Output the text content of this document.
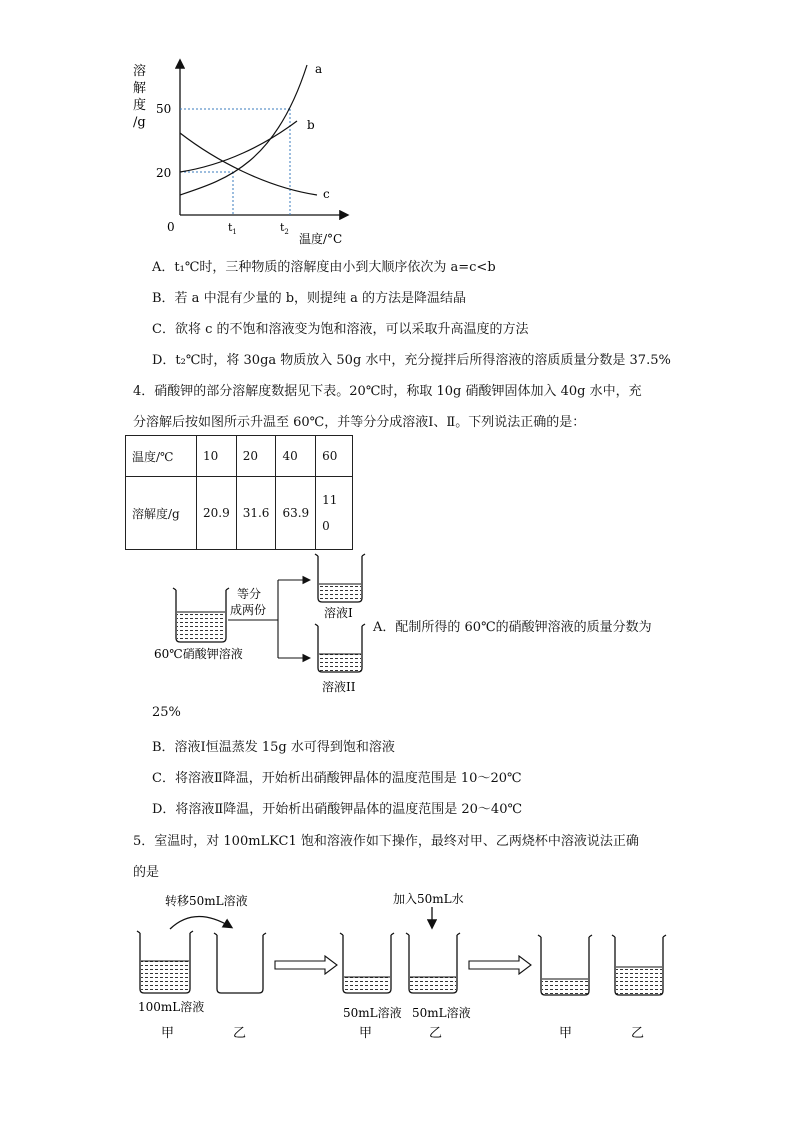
溶
解
度
/g
50
20
0	$t_1$	$t_2$ 温度/°C
a
b
c
A．t₁℃时，三种物质的溶解度由小到大顺序依次为 a=c<b
B．若 a 中混有少量的 b，则提纯 a 的方法是降温结晶
C．欲将 c 的不饱和溶液变为饱和溶液，可以采取升高温度的方法
D．t₂℃时，将 30ga 物质放入 50g 水中，充分搅拌后所得溶液的溶质质量分数是 37.5%
4．硝酸钾的部分溶解度数据见下表。20℃时，称取 10g 硝酸钾固体加入 40g 水中，充
分溶解后按如图所示升温至 60℃，并等分分成溶液Ⅰ、Ⅱ。下列说法正确的是：
温度/℃	10	20	40	60
溶解度/g	20.9	31.6	63.9	11
0
60℃硝酸钾溶液
等分
成两份	溶液I
溶液II
A．配制所得的 60℃的硝酸钾溶液的质量分数为
25%
B．溶液Ⅰ恒温蒸发 15g 水可得到饱和溶液
C．将溶液Ⅱ降温，开始析出硝酸钾晶体的温度范围是 10～20℃
D．将溶液Ⅱ降温，开始析出硝酸钾晶体的温度范围是 20～40℃
5．室温时，对 100mLKC1 饱和溶液作如下操作，最终对甲、乙两烧杯中溶液说法正确
的是
转移50mL溶液
100mL溶液
甲	乙
加入50mL水
50mL溶液 50mL溶液
甲	乙	甲	乙
